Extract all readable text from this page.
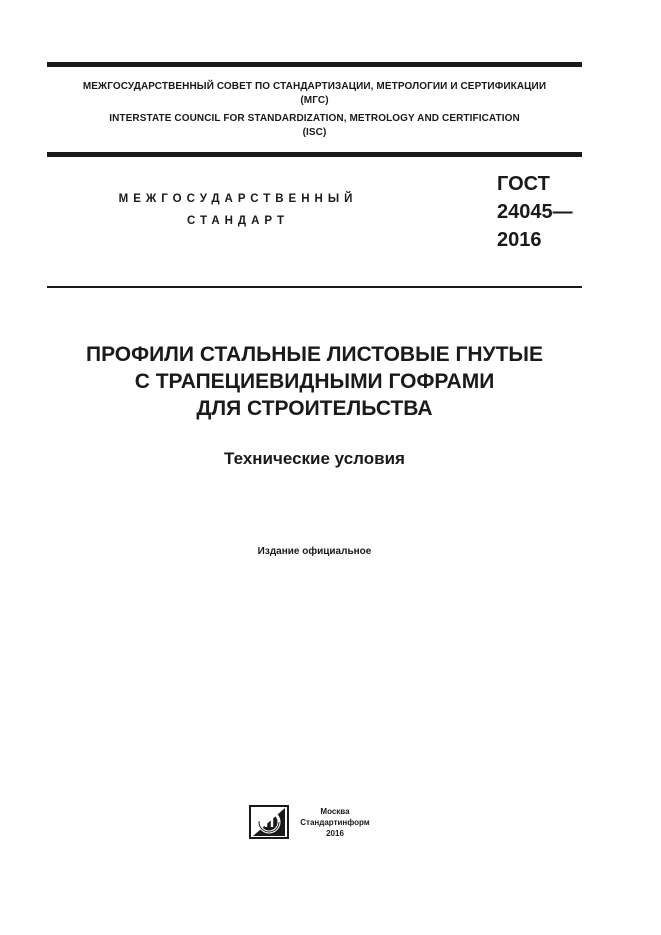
МЕЖГОСУДАРСТВЕННЫЙ СОВЕТ ПО СТАНДАРТИЗАЦИИ, МЕТРОЛОГИИ И СЕРТИФИКАЦИИ
(МГС)
INTERSTATE COUNCIL FOR STANDARDIZATION, METROLOGY AND CERTIFICATION
(ISC)
МЕЖГОСУДАРСТВЕННЫЙ
СТАНДАРТ
ГОСТ
24045—
2016
ПРОФИЛИ СТАЛЬНЫЕ ЛИСТОВЫЕ ГНУТЫЕ
С ТРАПЕЦИЕВИДНЫМИ ГОФРАМИ
ДЛЯ СТРОИТЕЛЬСТВА
Технические условия
Издание официальное
Москва
Стандартинформ
2016
